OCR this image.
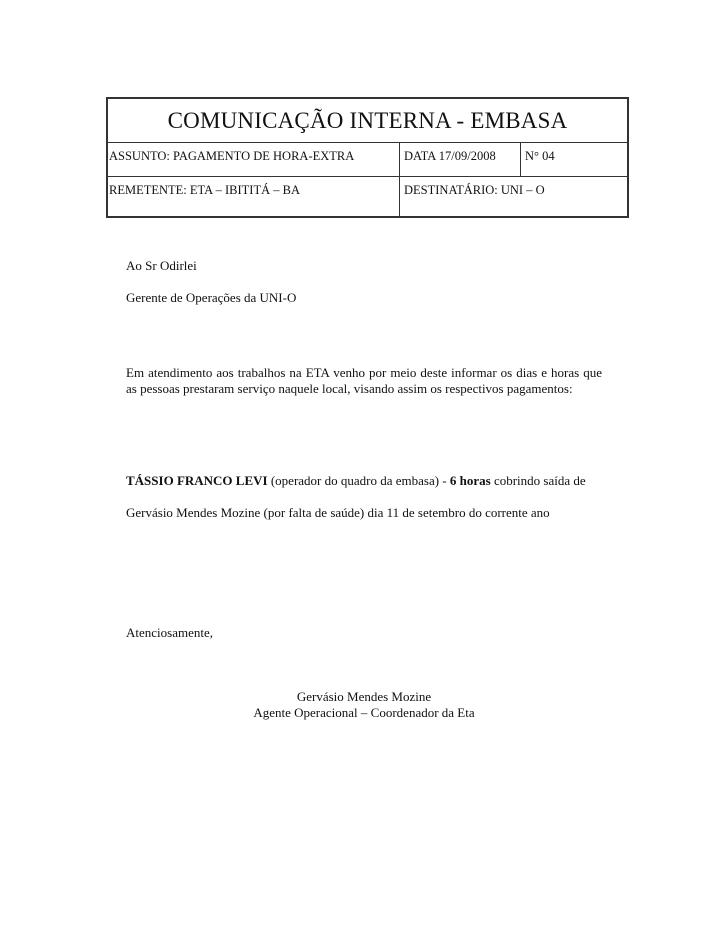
COMUNICAÇÃO INTERNA - EMBASA		
ASSUNTO: PAGAMENTO DE HORA-EXTRA	DATA 17/09/2008	N° 04
REMETENTE: ETA – IBITITÁ – BA	DESTINATÁRIO: UNI – O	

Ao Sr Odirlei

Gerente de Operações da UNI-O

Em atendimento aos trabalhos na ETA venho por meio deste informar os dias e horas que as pessoas prestaram serviço naquele local, visando assim os respectivos pagamentos:

TÁSSIO FRANCO LEVI (operador do quadro da embasa) - 6 horas cobrindo saída de

Gervásio Mendes Mozine (por falta de saúde) dia 11 de setembro do corrente ano

Atenciosamente,

Gervásio Mendes Mozine
Agente Operacional – Coordenador da Eta
